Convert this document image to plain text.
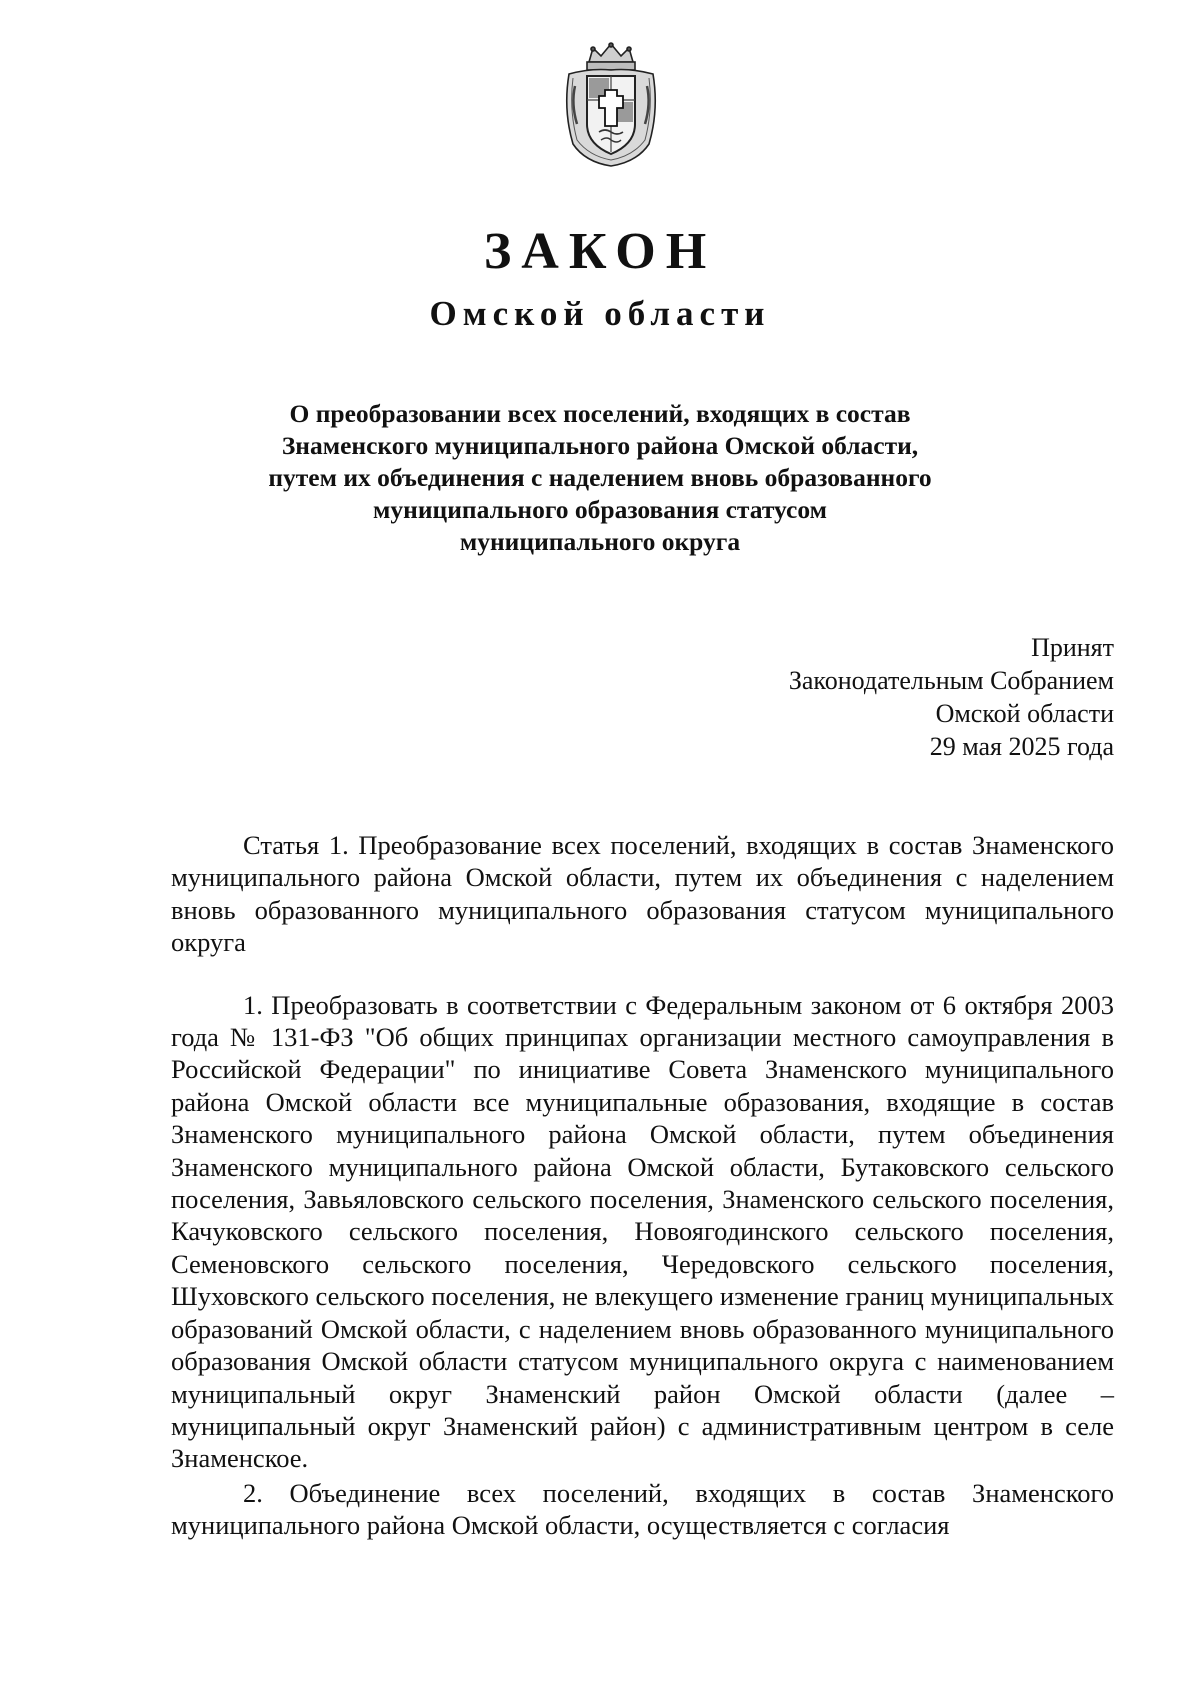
ЗАКОН
Омской области
О преобразовании всех поселений, входящих в состав
Знаменского муниципального района Омской области,
путем их объединения с наделением вновь образованного
муниципального образования статусом
муниципального округа
Принят
Законодательным Собранием
Омской области
29 мая 2025 года

Статья 1. Преобразование всех поселений, входящих в состав Знаменского муниципального района Омской области, путем их объединения с наделением вновь образованного муниципального образования статусом муниципального округа

1. Преобразовать в соответствии с Федеральным законом от 6 октября 2003 года № 131-ФЗ "Об общих принципах организации местного самоуправления в Российской Федерации" по инициативе Совета Знаменского муниципального района Омской области все муниципальные образования, входящие в состав Знаменского муниципального района Омской области, путем объединения Знаменского муниципального района Омской области, Бутаковского сельского поселения, Завьяловского сельского поселения, Знаменского сельского поселения, Качуковского сельского поселения, Новоягодинского сельского поселения, Семеновского сельского поселения, Чередовского сельского поселения, Шуховского сельского поселения, не влекущего изменение границ муниципальных образований Омской области, с наделением вновь образованного муниципального образования Омской области статусом муниципального округа с наименованием муниципальный округ Знаменский район Омской области (далее – муниципальный округ Знаменский район) с административным центром в селе Знаменское.

2. Объединение всех поселений, входящих в состав Знаменского муниципального района Омской области, осуществляется с согласия
